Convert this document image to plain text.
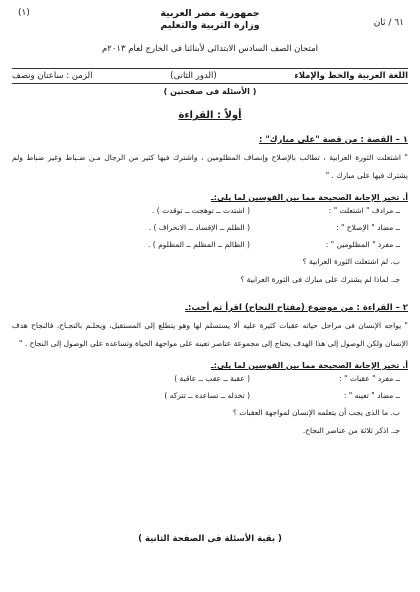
جمهورية مصر العربية
وزارة التربية والتعليم
(١)
٦١ / ثان
امتحان الصف السادس الابتدائى لأبنائنا فى الخارج لعام ٢٠١٣م
اللغة العربية والخط والإملاء
(الدور الثانى)
الزمن : ساعتان ونصف
( الأسئلة فى صفحتين )
أولاً : القراءة
١ – القصة : من قصة "على مبارك" :
" اشتعلت الثورة العرابية ، تطالب بالإصلاح وإنصاف المظلومين ، واشترك فيها كثير من الرجال مـن ضـباط وغير ضباط ولم يشترك فيها على مبارك . "
أ. تخير الإجابة الصحيحة مما بين القوسين لما يلى:ـ
ــ مرادف " اشتعلت " :
( اشتدت ــ توهجت ــ توقدت ) .
ــ مضاد " الإصلاح " :
( الظلم ــ الإفساد ــ الانحراف ) .
ــ مفرد " المظلومين " :
( الظالم ــ المظلم ــ المظلوم ) .
ب. لم اشتعلت الثورة العرابية ؟
جـ. لماذا لم يشترك على مبارك فى الثورة العرابية ؟
٢ – القراءة : من موضوع (مفتاح النجاح) اقرأ ثم أجب:ـ
" يواجه الإنسان فى مراحل حياته عقبات كثيرة عليه ألا يستسلم لها وهو يتطلع إلى المستقبل، ويحلـم بالنجـاح، فالنجاح هدف الإنسان ولكن الوصول إلى هذا الهدف يحتاج إلى مجموعة عناصر تعينه على مواجهة الحياة وتساعده على الوصول إلى النجاح . "
أ. تخير الإجابة الصحيحة مما بين القوسين لما يلى:ـ
ــ مفرد " عقبات " :
( عقبة ــ عقب ــ عاقبة )
ــ مضاد " تعينه " :
( تخذله ــ تساعده ــ تتركه )
ب. ما الذى يجب أن يتعلمه الإنسان لمواجهة العقبات ؟
جـ. اذكر ثلاثة من عناصر النجاح.
( بقية الأسئلة فى الصفحة الثانية )
